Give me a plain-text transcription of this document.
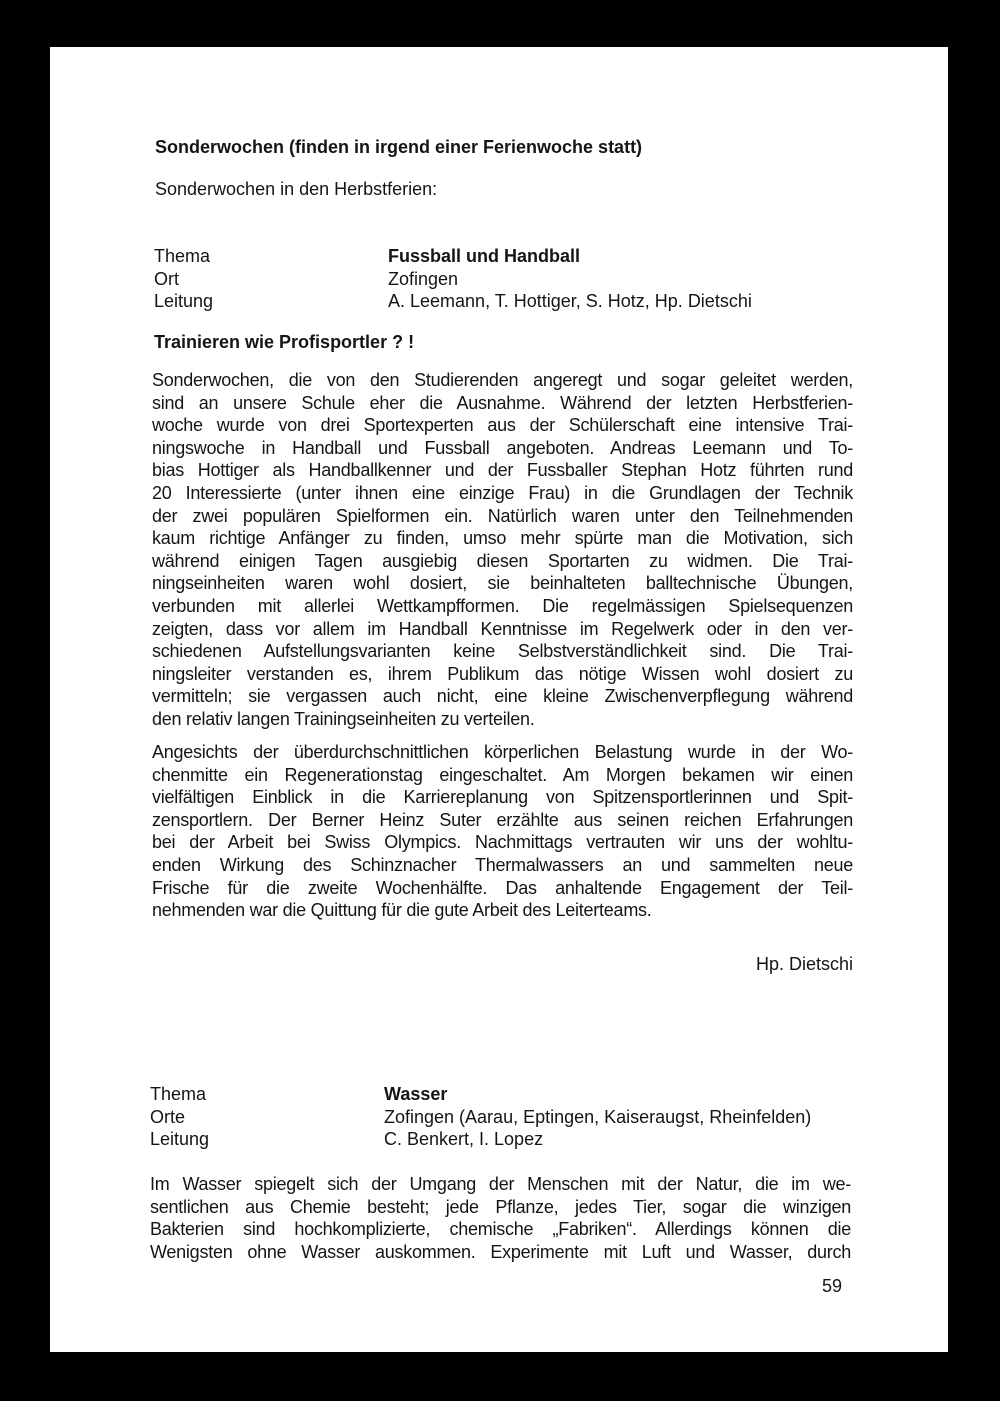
Sonderwochen (finden in irgend einer Ferienwoche statt)
Sonderwochen in den Herbstferien:
Thema
Ort
Leitung
Fussball und Handball
Zofingen
A. Leemann, T. Hottiger, S. Hotz, Hp. Dietschi
Trainieren wie Profisportler ? !
Sonderwochen, die von den Studierenden angeregt und sogar geleitet werden,
sind an unsere Schule eher die Ausnahme. Während der letzten Herbstferien-
woche wurde von drei Sportexperten aus der Schülerschaft eine intensive Trai-
ningswoche in Handball und Fussball angeboten. Andreas Leemann und To-
bias Hottiger als Handballkenner und der Fussballer Stephan Hotz führten rund
20 Interessierte (unter ihnen eine einzige Frau) in die Grundlagen der Technik
der zwei populären Spielformen ein. Natürlich waren unter den Teilnehmenden
kaum richtige Anfänger zu finden, umso mehr spürte man die Motivation, sich
während einigen Tagen ausgiebig diesen Sportarten zu widmen. Die Trai-
ningseinheiten waren wohl dosiert, sie beinhalteten balltechnische Übungen,
verbunden mit allerlei Wettkampfformen. Die regelmässigen Spielsequenzen
zeigten, dass vor allem im Handball Kenntnisse im Regelwerk oder in den ver-
schiedenen Aufstellungsvarianten keine Selbstverständlichkeit sind. Die Trai-
ningsleiter verstanden es, ihrem Publikum das nötige Wissen wohl dosiert zu
vermitteln; sie vergassen auch nicht, eine kleine Zwischenverpflegung während
den relativ langen Trainingseinheiten zu verteilen.
Angesichts der überdurchschnittlichen körperlichen Belastung wurde in der Wo-
chenmitte ein Regenerationstag eingeschaltet. Am Morgen bekamen wir einen
vielfältigen Einblick in die Karriereplanung von Spitzensportlerinnen und Spit-
zensportlern. Der Berner Heinz Suter erzählte aus seinen reichen Erfahrungen
bei der Arbeit bei Swiss Olympics. Nachmittags vertrauten wir uns der wohltu-
enden Wirkung des Schinznacher Thermalwassers an und sammelten neue
Frische für die zweite Wochenhälfte. Das anhaltende Engagement der Teil-
nehmenden war die Quittung für die gute Arbeit des Leiterteams.
Hp. Dietschi
Thema
Orte
Leitung
Wasser
Zofingen (Aarau, Eptingen, Kaiseraugst, Rheinfelden)
C. Benkert, I. Lopez
Im Wasser spiegelt sich der Umgang der Menschen mit der Natur, die im we-
sentlichen aus Chemie besteht; jede Pflanze, jedes Tier, sogar die winzigen
Bakterien sind hochkomplizierte, chemische „Fabriken“. Allerdings können die
Wenigsten ohne Wasser auskommen. Experimente mit Luft und Wasser, durch
59
